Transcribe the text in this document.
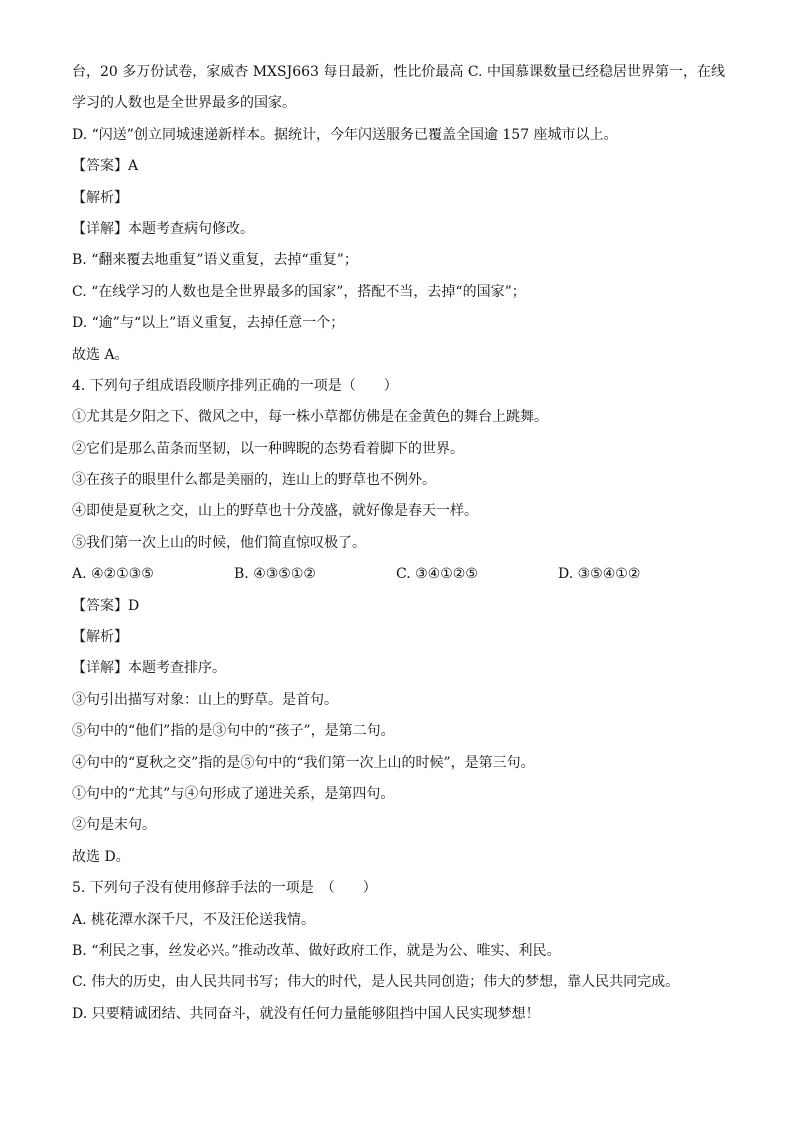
台，20 多万份试卷，家威杏 MXSJ663 每日最新，性比价最高 C. 中国慕课数量已经稳居世界第一，在线
学习的人数也是全世界最多的国家。
D. “闪送”创立同城速递新样本。据统计，今年闪送服务已覆盖全国逾 157 座城市以上。
【答案】A
【解析】
【详解】本题考查病句修改。
B. “翻来覆去地重复”语义重复，去掉“重复”；
C. “在线学习的人数也是全世界最多的国家”，搭配不当，去掉“的国家”；
D. “逾”与“以上”语义重复，去掉任意一个；
故选 A。
4. 下列句子组成语段顺序排列正确的一项是（　　）
①尤其是夕阳之下、微风之中，每一株小草都仿佛是在金黄色的舞台上跳舞。
②它们是那么苗条而坚韧，以一种睥睨的态势看着脚下的世界。
③在孩子的眼里什么都是美丽的，连山上的野草也不例外。
④即使是夏秋之交，山上的野草也十分茂盛，就好像是春天一样。
⑤我们第一次上山的时候，他们简直惊叹极了。
A. ④②①③⑤	B. ④③⑤①②	C. ③④①②⑤	D. ③⑤④①②
【答案】D
【解析】
【详解】本题考查排序。
③句引出描写对象：山上的野草。是首句。
⑤句中的“他们”指的是③句中的“孩子”，是第二句。
④句中的“夏秋之交”指的是⑤句中的“我们第一次上山的时候”，是第三句。
①句中的“尤其”与④句形成了递进关系，是第四句。
②句是末句。
故选 D。
5. 下列句子没有使用修辞手法的一项是　（　　）
A. 桃花潭水深千尺，不及汪伦送我情。
B. “利民之事，丝发必兴。”推动改革、做好政府工作，就是为公、唯实、利民。
C. 伟大的历史，由人民共同书写；伟大的时代，是人民共同创造；伟大的梦想，靠人民共同完成。
D. 只要精诚团结、共同奋斗，就没有任何力量能够阻挡中国人民实现梦想！
